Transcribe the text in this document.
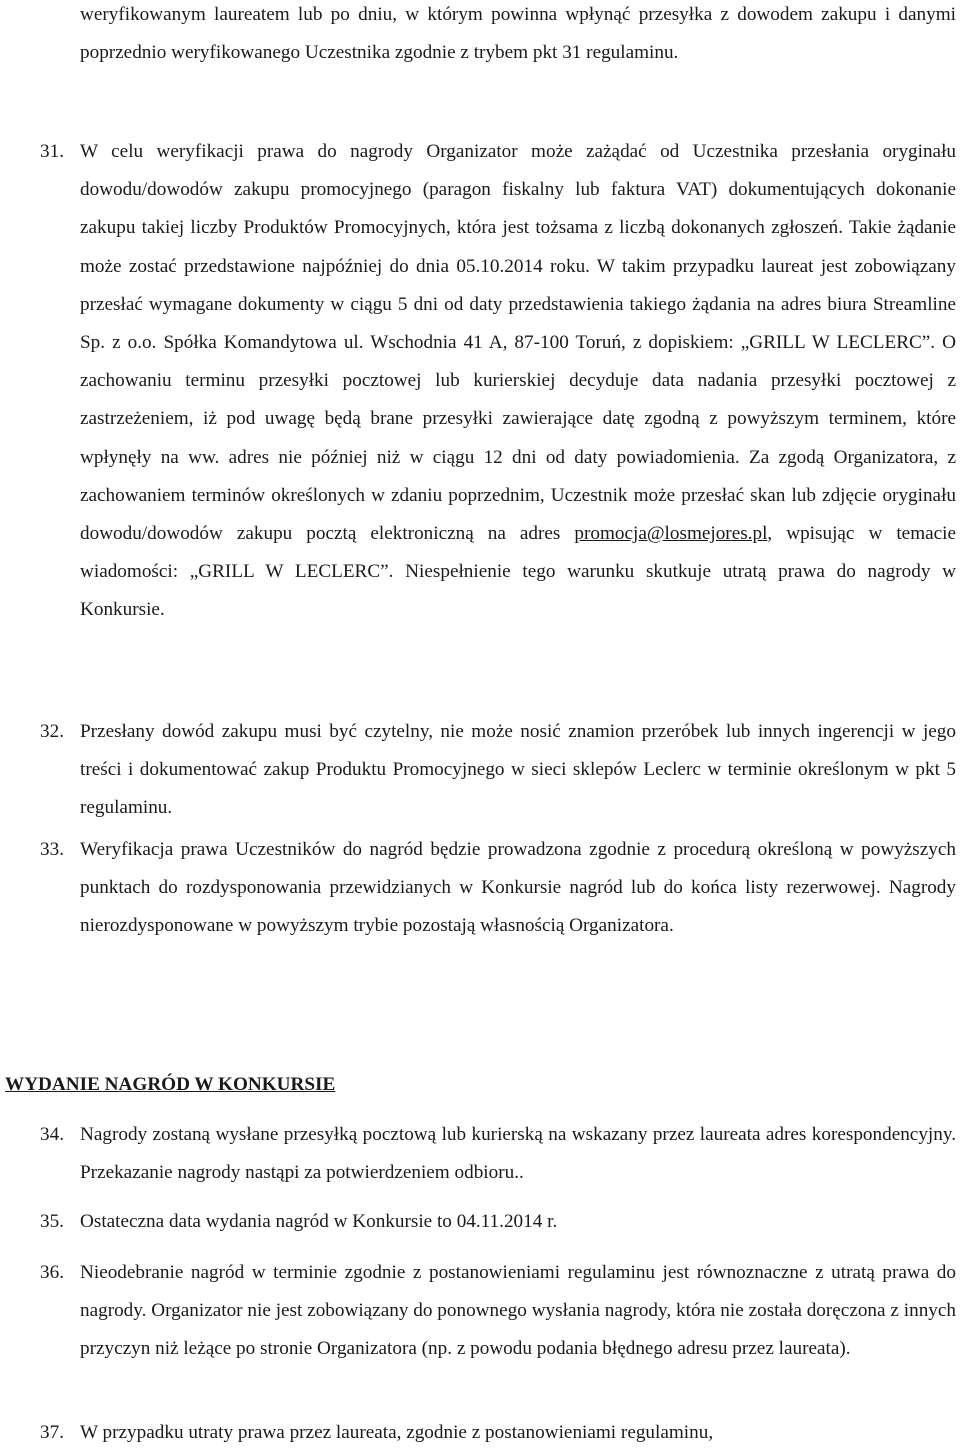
weryfikowanym laureatem lub po dniu, w którym powinna wpłynąć przesyłka z dowodem zakupu i danymi poprzednio weryfikowanego Uczestnika zgodnie z trybem pkt 31 regulaminu.

31. W celu weryfikacji prawa do nagrody Organizator może zażądać od Uczestnika przesłania oryginału dowodu/dowodów zakupu promocyjnego (paragon fiskalny lub faktura VAT) dokumentujących dokonanie zakupu takiej liczby Produktów Promocyjnych, która jest tożsama z liczbą dokonanych zgłoszeń. Takie żądanie może zostać przedstawione najpóźniej do dnia 05.10.2014 roku. W takim przypadku laureat jest zobowiązany przesłać wymagane dokumenty w ciągu 5 dni od daty przedstawienia takiego żądania na adres biura Streamline Sp. z o.o. Spółka Komandytowa ul. Wschodnia 41 A, 87-100 Toruń, z dopiskiem: „GRILL W LECLERC”. O zachowaniu terminu przesyłki pocztowej lub kurierskiej decyduje data nadania przesyłki pocztowej z zastrzeżeniem, iż pod uwagę będą brane przesyłki zawierające datę zgodną z powyższym terminem, które wpłynęły na ww. adres nie później niż w ciągu 12 dni od daty powiadomienia. Za zgodą Organizatora, z zachowaniem terminów określonych w zdaniu poprzednim, Uczestnik może przesłać skan lub zdjęcie oryginału dowodu/dowodów zakupu pocztą elektroniczną na adres promocja@losmejores.pl, wpisując w temacie wiadomości: „GRILL W LECLERC”. Niespełnienie tego warunku skutkuje utratą prawa do nagrody w Konkursie.

32. Przesłany dowód zakupu musi być czytelny, nie może nosić znamion przeróbek lub innych ingerencji w jego treści i dokumentować zakup Produktu Promocyjnego w sieci sklepów Leclerc w terminie określonym w pkt 5 regulaminu.

33. Weryfikacja prawa Uczestników do nagród będzie prowadzona zgodnie z procedurą określoną w powyższych punktach do rozdysponowania przewidzianych w Konkursie nagród lub do końca listy rezerwowej. Nagrody nierozdysponowane w powyższym trybie pozostają własnością Organizatora.

WYDANIE NAGRÓD W KONKURSIE
34. Nagrody zostaną wysłane przesyłką pocztową lub kurierską na wskazany przez laureata adres korespondencyjny. Przekazanie nagrody nastąpi za potwierdzeniem odbioru..

35. Ostateczna data wydania nagród w Konkursie to 04.11.2014 r.

36. Nieodebranie nagród w terminie zgodnie z postanowieniami regulaminu jest równoznaczne z utratą prawa do nagrody. Organizator nie jest zobowiązany do ponownego wysłania nagrody, która nie została doręczona z innych przyczyn niż leżące po stronie Organizatora (np. z powodu podania błędnego adresu przez laureata).

37. W przypadku utraty prawa przez laureata, zgodnie z postanowieniami regulaminu,
